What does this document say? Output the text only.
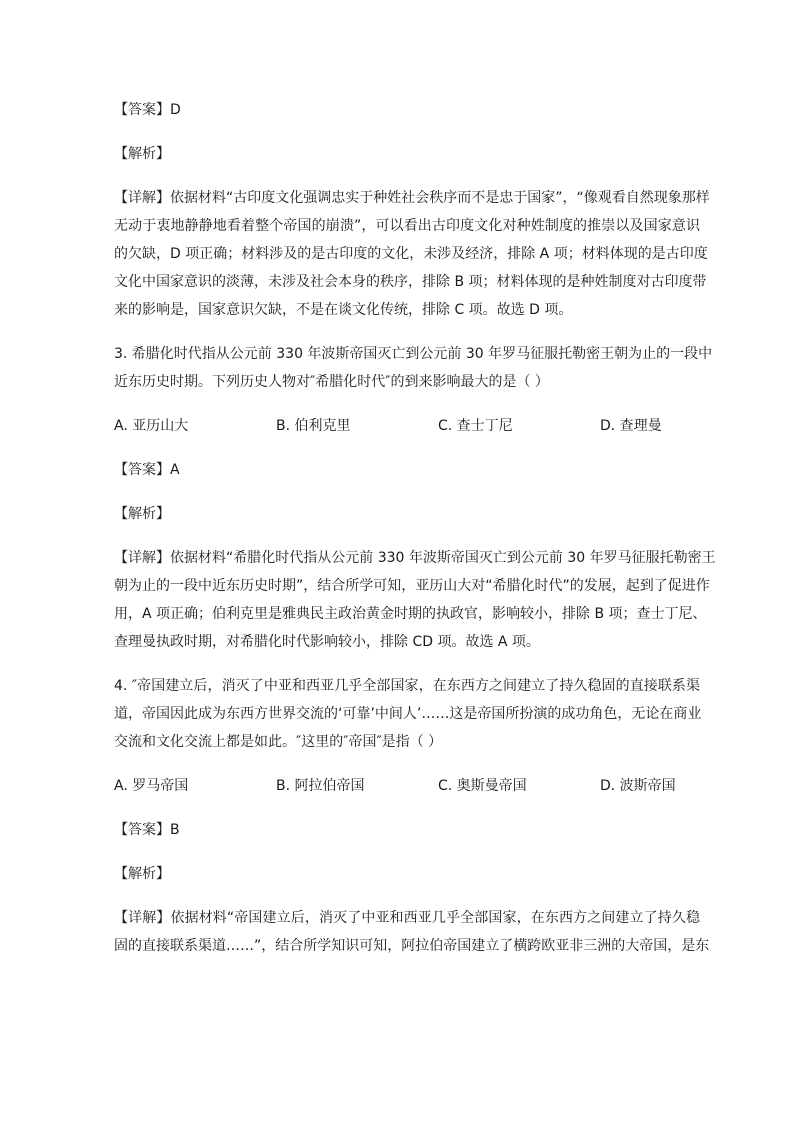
【答案】D
【解析】
【详解】依据材料“古印度文化强调忠实于种姓社会秩序而不是忠于国家”，“像观看自然现象那样
无动于衷地静静地看着整个帝国的崩溃”，可以看出古印度文化对种姓制度的推崇以及国家意识
的欠缺，D 项正确；材料涉及的是古印度的文化，未涉及经济，排除 A 项；材料体现的是古印度
文化中国家意识的淡薄，未涉及社会本身的秩序，排除 B 项；材料体现的是种姓制度对古印度带
来的影响是，国家意识欠缺，不是在谈文化传统，排除 C 项。故选 D 项。
3. 希腊化时代指从公元前 330 年波斯帝国灭亡到公元前 30 年罗马征服托勒密王朝为止的一段中
近东历史时期。下列历史人物对″希腊化时代″的到来影响最大的是（ ）
A. 亚历山大	B. 伯利克里	C. 查士丁尼	D. 查理曼
【答案】A
【解析】
【详解】依据材料“希腊化时代指从公元前 330 年波斯帝国灭亡到公元前 30 年罗马征服托勒密王
朝为止的一段中近东历史时期”，结合所学可知，亚历山大对“希腊化时代”的发展，起到了促进作
用，A 项正确；伯利克里是雅典民主政治黄金时期的执政官，影响较小，排除 B 项；查士丁尼、
查理曼执政时期，对希腊化时代影响较小，排除 CD 项。故选 A 项。
4. ″帝国建立后，消灭了中亚和西亚几乎全部国家，在东西方之间建立了持久稳固的直接联系渠
道，帝国因此成为东西方世界交流的‘可靠’中间人’……这是帝国所扮演的成功角色，无论在商业
交流和文化交流上都是如此。″这里的″帝国″是指（ ）
A. 罗马帝国	B. 阿拉伯帝国	C. 奥斯曼帝国	D. 波斯帝国
【答案】B
【解析】
【详解】依据材料“帝国建立后，消灭了中亚和西亚几乎全部国家，在东西方之间建立了持久稳
固的直接联系渠道……”，结合所学知识可知，阿拉伯帝国建立了横跨欧亚非三洲的大帝国，是东
